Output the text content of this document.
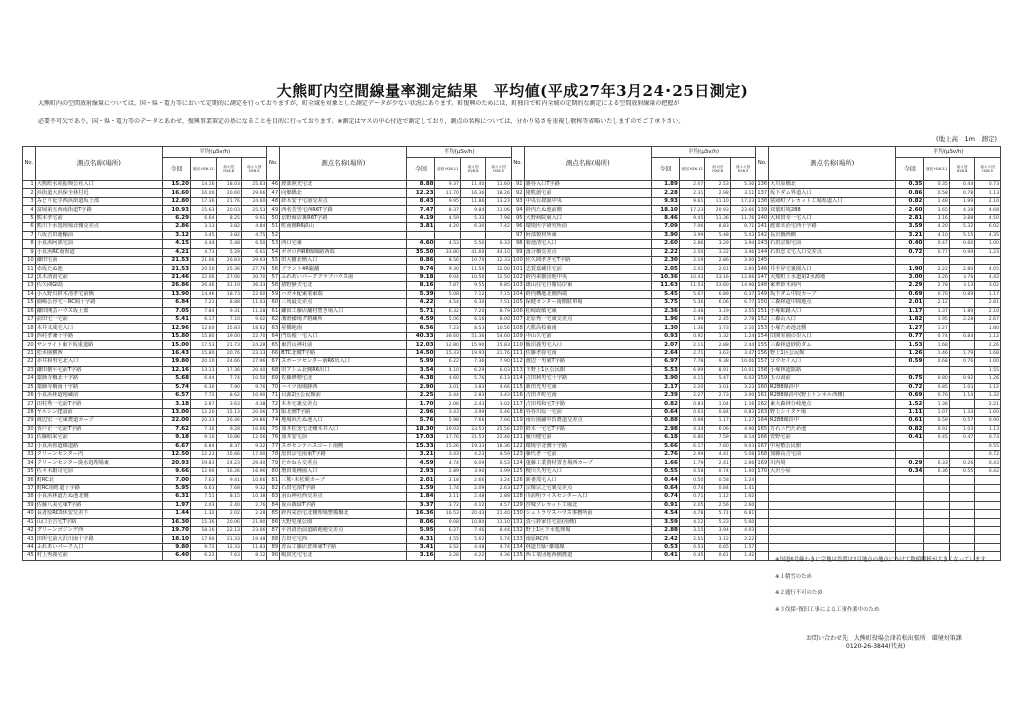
大熊町内空間線量率測定結果　平均値(平成27年3月24･25日測定)
大熊町内の空間放射線量については，国・県・電力等において定期的に測定を行っておりますが，町全域を対象とした測定データが少ない状況にあります。町復興のためには，町独自で町内全域の定期的な測定による空間放射線量の把握が
必要不可欠であり，国・県・電力等のデータとあわせ，復興事業策定の基になることを目的に行っております。※測定はマスの中心付近で測定しており，測点の名称については，分かり易さを重視し敬称等省略いたしますのでご了承下さい。
(地上高　1m　測定)
No.	測点名称(場所)	平均(μSv/h)				No.	測点名称(場所)	平均(μSv/h)				No.	測点名称(場所)	平均(μSv/h)				No.	測点名称(場所)	平均(μSv/h)			
		今回	前回 H26.11	前々回 H26.8	前々々回 H26.5			今回	前回 H26.11	前々回 H26.8	前々々回 H26.5			今回	前回 H26.11	前々回 H26.8	前々々回 H26.5			今回	前回 H26.11	前々回 H26.8	前々々回 H26.5
1	大熊町水産振興公社入口	15.20	14.16	18.03	25.63	46	渡部照光宅北	8.88	9.37	11.40	11.60	91	雑谷入口T字路	1.89	2.07	2.53	5.30	136	大川原橋北	0.35	0.35	0.44	0.73
2	浜街道大浜保全林付近	16.60	16.00	20.60	29.66	47	向畑橋北	12.23	11.70	16.36	18.26	92	猪熊創宅前	2.28	2.31	2.98	3.11	137	坂下ダム界道入口	0.86	0.58	0.78	1.13
3	みどり化学西浜街道坂上部	12.80	17.36	21.76	24.60	48	鈴木安子宅南交差点	8.43	9.95	11.86	13.23	93	中央台雇園中央	9.93	9.61	11.10	17.23	138	富岡町プレカット工場県道入口	0.82	1.48	1.99	2.10
4	富岡第五西南街道T字路	10.93	15.63	20.03	25.53	49	西名芳男宅西R6T字路	7.47	8.37	9.84	11.06	94	鈴内たぬ池前側	18.10	17.23	20.93	23.66	139	双葉町境288	2.60	3.65	4.38	4.68
5	熊本孝宅前	6.29	6.64	8.25	9.61	50	京野商店裏R6T字路	4.19	4.59	5.33	7.98	95	大野病院東入口	8.46	9.45	11.36	11.76	140	大和田幸一宅入口	2.81	3.16	3.88	4.50
6	熊川下水処理場北側交差点	2.86	3.13	3.82	4.84	51	町南側R6鉄山	3.81	4.20	6.30	7.42	96	環境医学研究所前	7.09	7.06	8.83	8.71	141	渡部幸治宅西十字路	3.59	4.20	5.32	6.02
7	八坂吉田運輸前	3.12	3.45	3.82	4.75	52						97	阿部製材所東	3.90	3.99	5.48	5.43	142	長沢橋西側	3.21	4.10	5.15	4.35
8	小良浜阿部宅前	4.15	4.44	5.48	6.50	53	西口宅東	4.60	4.53	5.50	6.33	98	菊池清宅入口	2.60	2.86	3.29	3.94	143	石田宗昭宅前	0.40	0.47	0.60	1.00
9	小良浜RC南県道	4.21	4.73	5.29	6.61	54	ボボロ西R8線線路西端	35.50	33.80	41.60	44.10	99	落合橋交差点	2.22	2.50	3.22	3.46	144	石田忠文宅入口交差点	0.72	0.77	0.99	1.23
10	鎌田宅前	21.53	21.06	26.83	29.63	55	田大樹北側入口	8.86	8.56	10.70	12.33	100	佐久間孝ぎ宅T字路	2.30	2.19	2.86	3.00	145					
11	赤坂たぬ池	21.53	20.50	25.36	27.76	56	ブラント4R脇舗	9.74	9.30	11.56	12.00	101	志賀嘉蔵住宅前	2.05	2.02	2.61	2.60	146	井手昇宅裏園入口	1.90	2.22	2.80	4.05
12	黒木清貴宅前	21.46	22.06	27.06	30.70	57	ふれあいパーククラブハウス南	9.18	9.04	10.50	12.50	102	鈴内来樹団地中央	10.36	10.43	13.16	12.66	147	大熊町上水道第2水源地	3.00	3.26	3.76	4.42
13	佐久間GI島	26.86	26.46	31.10	36.33	58	猪野静夫宅北	8.16	7.87	9.55	9.85	103	雄山住宅自衛局岸東	11.63	11.53	13.60	14.90	148	東華鈴木商内	2.29	2.78	3.13	3.02
14	小入野川鈴木清孝宅前橋	13.90	14.46	18.73	22.60	59	ハガネ配東業東端	5.39	5.08	7.12	7.15	104	鈴内機地北側西端	5.45	5.67	6.89	6.37	149	坂下ダム中段カーブ	0.69	0.70	0.89	1.17
15	園嶋公谷宅〜RC間十字路	6.84	7.21	8.88	11.03	60	三角最交差点	4.22	4.54	6.30	7.51	105	保健センター南側駐車場	3.75	5.36	6.06	6.77	150	三森林道中間地点	2.01	2.12		2.81
16	鎌田開芸ハウス坂上部	7.05	7.84	9.31	11.28	61	鎌田工藤店舗村豊き場入口	5.71	6.32	7.20	8.79	106	松崎政敏宅東	2.36	2.48	3.19	3.55	151	小塚鉱路入口	1.17	1.37	1.89	2.10
17	前田宅一宅前	5.41	6.17	7.10	9.02	62	溝滑國場グ籾蔵所	4.59	5.06	6.16	8.00	107	北原秀一宅東交差点	1.96	1.99	2.45	2.78	152	三森山入口	1.82	1.95	2.28	2.67
18	木井又成宅入口	12.96	12.60	15.83	18.62	63	屋橋地南	6.56	7.23	8.53	10.56	108	大熊高校東南	1.30	1.36	1.73	2.10	153	小塚ため池北側	1.27	1.27		1.80
19	西村孝兼十字路	15.80	15.80	19.00	22.70	64	門馬俊一宅入口	40.33	38.60	51.36	54.60	109	中山久宅前	0.93	0.92	1.32	1.24	154	旧間室園の里入口	0.77	0.74	0.84	1.12
20	サンライト東下坂重道路	15.00	17.53	21.73	24.28	65	東宮山神社前	12.03	12.80	15.90	15.83	110	飯沼義男宅入口	2.07	2.11	2.88	2.44	155	三森林道砂防ダム	1.53	1.68		2.26
21	松本園横西	16.43	15.80	20.76	23.13	66	BTC北側T字路	14.50	15.33	19.93	21.76	111	佐藤孝弥宅南	2.64	2.71	3.63	3.47	156	野上1区公民館	1.26	1.46	1.79	1.68
22	赤井和男宅北入口	19.80	20.10	24.66	27.96	67	スポーツセンター南R6出入口	5.99	6.22	7.36	7.90	112	渡辺一男東T字路	6.97	7.78	9.38	10.06	157	コウセイ入口	0.59	0.68	0.76	1.00
23	鎌田樹平宅前T字路	12.16	13.13	17.36	20.40	68	旧アトム北側R6出口	3.54	4.10	6.29	6.03	113	下野上1区公民館	5.53	6.99	8.91	10.01	158	小塚林道鉱路				1.55
24	薬師寺橋北十字路	5.68	6.44	7.74	10.50	69	佐藤修晴宅北	4.38	4.60	5.76	6.13	114	吉田利男宅十字路	3.90	4.11	5.47	6.03	159	玉の湯前	0.75	0.80	0.92	1.26
25	薬師寺橋南十字路	5.74	6.30	7.90	9.76	70	ハイツ南場跡西	2.90	3.01	3.83	4.66	115	新田光男宅東	2.17	2.20	3.01	3.23	160	R288線沿中	0.72	0.85	1.03	1.12
26	小良浜林道地蔵前	6.57	7.72	8.62	10.90	71	目源2区公民館前	2.25	2.44	2.83	3.43	116	吉田タ町宅南	2.39	2.27	2.73	3.00	161	R288線沿中(野上トンネル西側)	0.69	0.76	1.14	1.32
27	田村秀一宅前T字路	3.18	2.87	3.63	4.38	72	木本宅裏交差点	1.70	2.08	2.43	3.02	117	吉田邦和宅T字路	0.82	0.83	1.04	1.16	162	東大森林分岐地点	1.52	1.36		2.21
28	ヤルシン建設前	13.00	12.20	15.13	20.06	73	服北側T字路	2.96	3.43	3.99	5.46	118	谷谷川原一宅前	0.64	0.63	0.84	0.83	163	野上シイタケ場	1.11	1.07	1.33	1.60
29	渡辺宏一宅東農道カーブ	22.00	20.33	26.46	29.86	74	地場浜たぬ池入口	5.76	5.98	7.66	7.66	119	南台園鋪中負農道交差点	0.88	0.98	1.17	1.27	164	R288線沿中	0.61	0.59	0.57	0.90
30	青戸正一宅前T字路	7.62	7.30	9.28	10.66	75	加井松実宅北側木井入口	18.30	19.03	23.53	25.56	120	鈴木一宅宅T字路	2.98	4.34	6.06	4.90	165	万石ニ門ため池	0.82	0.91	1.03	1.13
31	佐藤昭来宅前	9.18	9.10	10.86	12.56	76	加井安宅前	17.03	17.76	21.53	22.46	121	履川健宅前	6.18	6.80	7.59	8.14	166	菅野宅前	0.41	0.45	0.47	0.73
32	小良浜県道線道路	6.67	6.84	8.37	9.32	77	スポセンテニスコート南側	15.33	15.26	19.33	18.36	122	環境学北側十字路	5.66	6.17	7.60	9.03	167	中屋敷公民館				0.55
33	クリーンセンター内	12.50	12.23	15.66	17.00	78	黒田宗宅南東T字路	3.21	3.43	4.23	4.59	123	藤代孝一宅前	2.76	2.99	4.41	5.08	168	加藤長吉宅前				0.72
34	クリーンセンター廃水処理場東	20.93	19.83	24.23	29.40	79	たかねら交差点	4.59	4.74	6.09	6.53	124	蓬藤工業資材置き場西カーブ	1.66	1.79	2.41	2.66	169	川内境	0.29	0.33	0.26	0.43
35	佐々木銀司宅前	9.66	12.90	16.26	16.96	80	増田業種園入口	2.93	2.89	3.90	3.99	125	檀川久男宅入口	0.55	0.58	0.74	1.00	170	大沢小屋	0.34	0.36	0.55	0.42
36	町RC北	7.00	7.63	9.41	10.66	81	三熊･末松間カーブ	2.01	2.18	2.66	3.24	126	新妻茂宅入口	0.44	0.50	0.58	1.24						
37	町RC南町道十字路	5.95	6.63	7.68	9.32	82	石田宅南T字路	1.59	1.74	2.09	2.63	127	宗像宗之宅裏交差点	0.64	0.74	0.84	1.41						
38	小良浜林道たぬ池北側	6.31	7.51	8.15	10.38	83	羽山神社西交差点	1.84	2.11	2.48	2.88	128	川前明ライスセンター入口	0.74	0.71	1.12	1.02						
39	佐藤八美宅東T字路	1.97	2.03	2.40	2.76	84	夜の森緑T字路	3.37	3.72	4.12	4.57	129	宮城プレカット工場北	0.91	2.05	2.56	2.60						
40	長者原RC0休安交差下	1.44	1.32	2.02	2.28	85	鈴内栄治宅北側埋場整備橋北	16.36	16.53	20.43	21.40	130	シュトラウスハウス事務所前	4.54	4.78	5.71	6.81						
41	山口圭吉宅T字路	16.30	15.36	20.06	21.90	86	大野児童公園	8.06	9.08	10.80	11.10	131	真弓鈴家住宅前(南側)	3.59	4.12	5.23	5.60						
42	グリーンゴジンデ西	19.70	18.16	22.13	23.06	87	平谷清治前道路地地交差点	5.95	6.27	7.46	8.44	132	野上1区下水処理場	2.88	3.15	3.94	4.03						
43	田所宅前大沢川南十字路	18.10	17.90	21.33	19.48	88	吉田宅宅西	4.31	4.55	5.62	5.74	133	南原RC西	2.42	2.51	3.12	2.22						
44	ふれあいパーク入口	9.80	9.72	12.33	11.83	89	青山工藤店倉庫東T字路	3.41	3.52	4.48	4.74	134	林道日駄･雄端線	0.53	0.53	0.65	1.57						
45	村上秀義宅前	6.40	6.22	7.63	8.12	90	嶋貫光宅宅北	3.16	3.28	4.22	4.36	135	西工業団地西側農道	0.41	0.45	0.61	1.42						
※国道6号線わきに空地は設置は2月地点の地点にかけて数値解析が大きくなっています
※１積雪のため
※２通行不可のため
※３伐採･復旧工事による工事作業中のため
お問い合わせ先 大熊町役場会津若松出張所　環境対策課
0120-26-3844(代表)
